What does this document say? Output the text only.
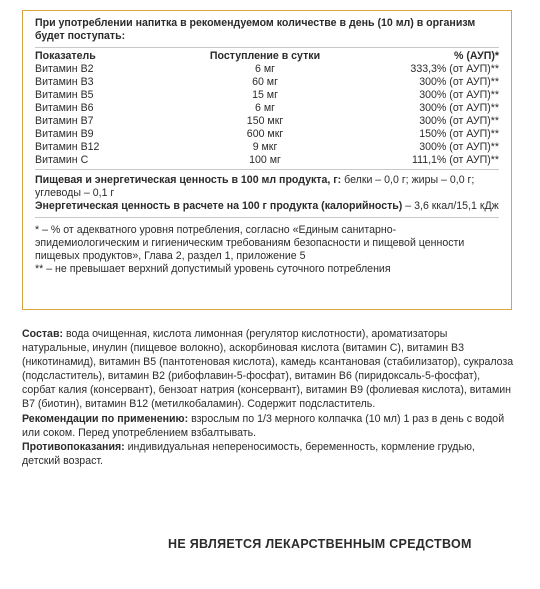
При употреблении напитка в рекомендуемом количестве в день (10 мл) в организм будет поступать:
Показатель	Поступление в сутки	% (АУП)*
Витамин В2	6 мг	333,3% (от АУП)**
Витамин В3	60 мг	300% (от АУП)**
Витамин В5	15 мг	300% (от АУП)**
Витамин В6	6 мг	300% (от АУП)**
Витамин В7	150 мкг	300% (от АУП)**
Витамин В9	600 мкг	150% (от АУП)**
Витамин В12	9 мкг	300% (от АУП)**
Витамин С	100 мг	111,1% (от АУП)**
Пищевая и энергетическая ценность в 100 мл продукта, г: белки – 0,0 г; жиры – 0,0 г; углеводы – 0,1 г
Энергетическая ценность в расчете на 100 г продукта (калорийность) – 3,6 ккал/15,1 кДж
* – % от адекватного уровня потребления, согласно «Единым санитарно-эпидемиологическим и гигиеническим требованиям безопасности и пищевой ценности пищевых продуктов», Глава 2, раздел 1, приложение 5
** – не превышает верхний допустимый уровень суточного потребления
Состав: вода очищенная, кислота лимонная (регулятор кислотности), ароматизаторы натуральные, инулин (пищевое волокно), аскорбиновая кислота (витамин С), витамин В3 (никотинамид), витамин В5 (пантотеновая кислота), камедь ксантановая (стабилизатор), сукралоза (подсластитель), витамин В2 (рибофлавин-5-фосфат), витамин В6 (пиридоксаль-5-фосфат), сорбат калия (консервант), бензоат натрия (консервант), витамин В9 (фолиевая кислота), витамин В7 (биотин), витамин В12 (метилкобаламин). Содержит подсластитель.
Рекомендации по применению: взрослым по 1/3 мерного колпачка (10 мл) 1 раз в день с водой или соком. Перед употреблением взбалтывать.
Противопоказания: индивидуальная непереносимость, беременность, кормление грудью, детский возраст.
НЕ ЯВЛЯЕТСЯ ЛЕКАРСТВЕННЫМ СРЕДСТВОМ
